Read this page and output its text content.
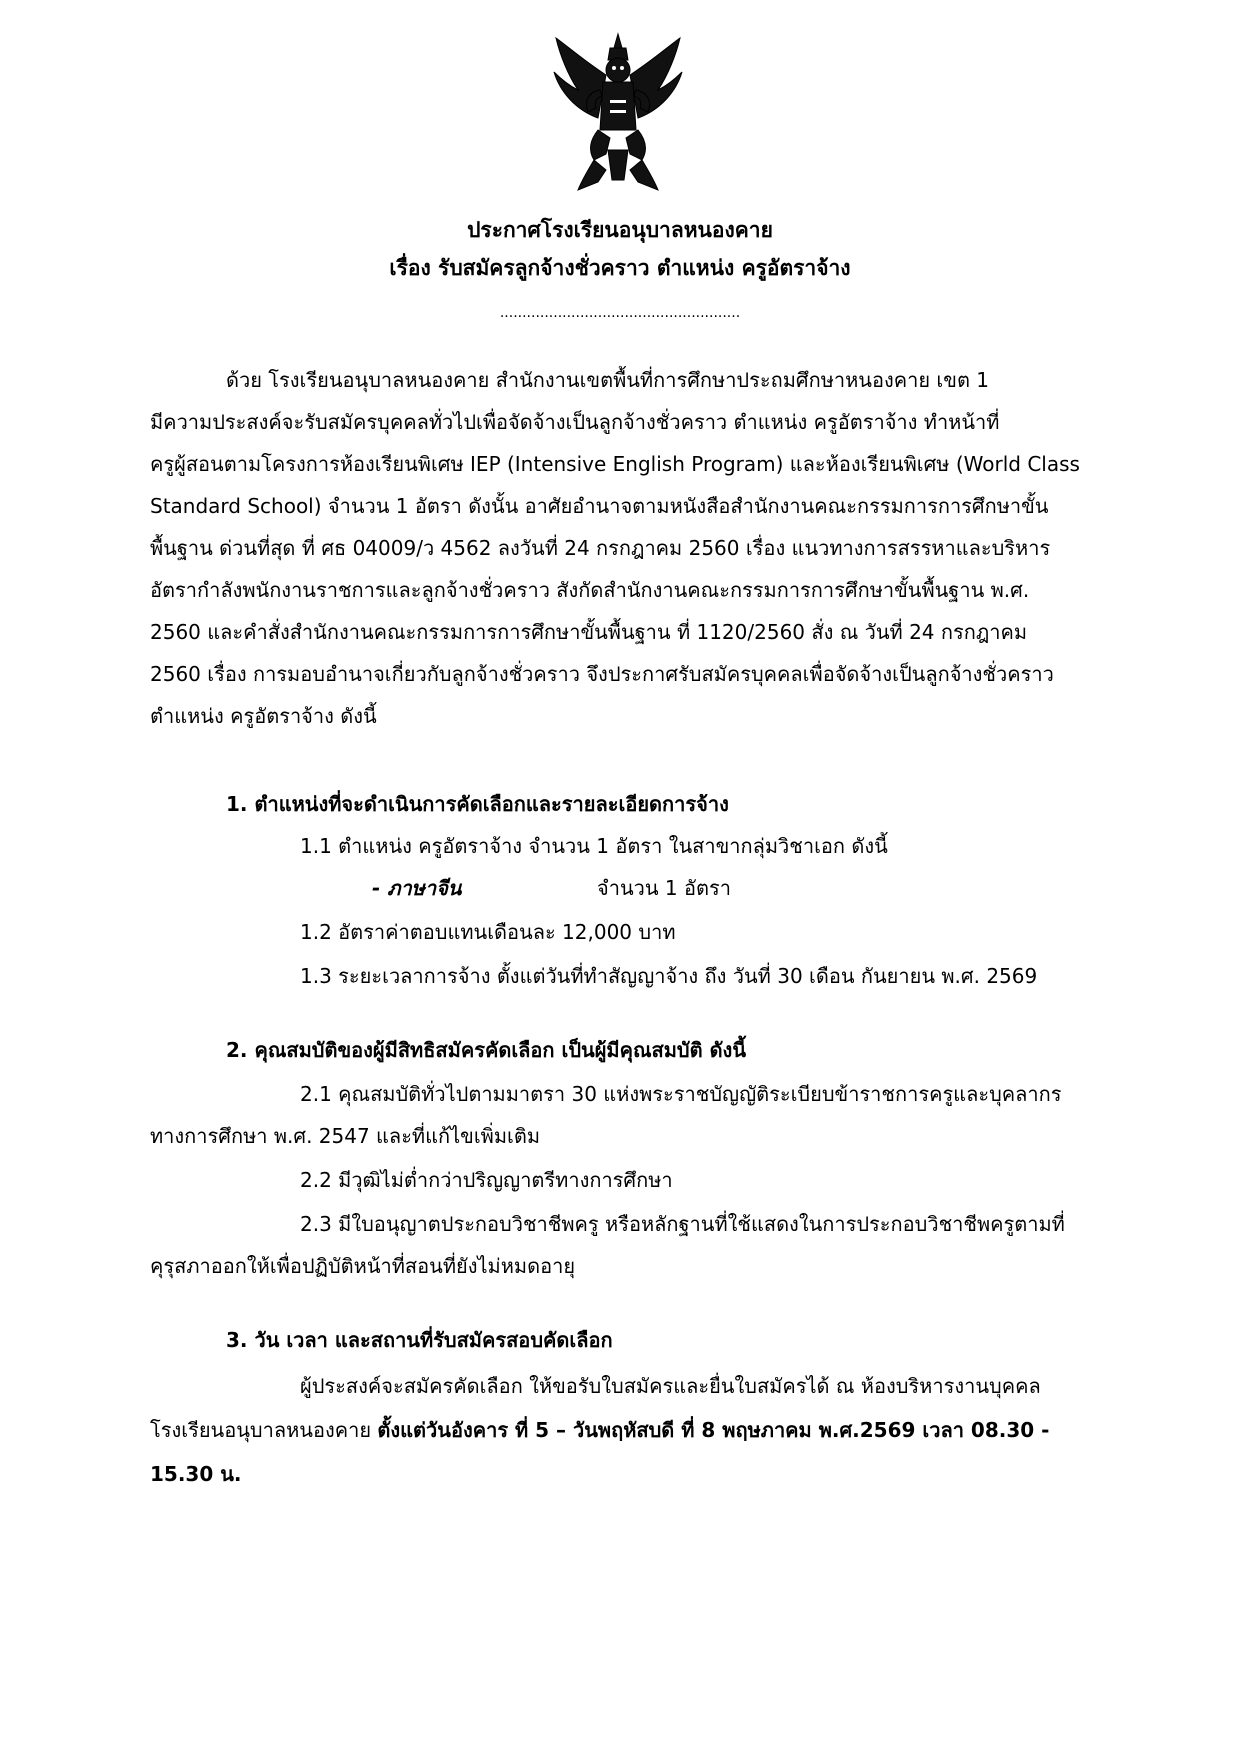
ประกาศโรงเรียนอนุบาลหนองคาย
เรื่อง รับสมัครลูกจ้างชั่วคราว ตำแหน่ง ครูอัตราจ้าง
......................................................
ด้วย โรงเรียนอนุบาลหนองคาย สำนักงานเขตพื้นที่การศึกษาประถมศึกษาหนองคาย เขต 1
มีความประสงค์จะรับสมัครบุคคลทั่วไปเพื่อจัดจ้างเป็นลูกจ้างชั่วคราว ตำแหน่ง ครูอัตราจ้าง ทำหน้าที่
ครูผู้สอนตามโครงการห้องเรียนพิเศษ IEP (Intensive English Program) และห้องเรียนพิเศษ (World Class
Standard School) จำนวน 1 อัตรา ดังนั้น อาศัยอำนาจตามหนังสือสำนักงานคณะกรรมการการศึกษาขั้น
พื้นฐาน ด่วนที่สุด ที่ ศธ 04009/ว 4562 ลงวันที่ 24 กรกฎาคม 2560 เรื่อง แนวทางการสรรหาและบริหาร
อัตรากำลังพนักงานราชการและลูกจ้างชั่วคราว สังกัดสำนักงานคณะกรรมการการศึกษาขั้นพื้นฐาน พ.ศ.
2560 และคำสั่งสำนักงานคณะกรรมการการศึกษาขั้นพื้นฐาน ที่ 1120/2560 สั่ง ณ วันที่ 24 กรกฎาคม
2560 เรื่อง การมอบอำนาจเกี่ยวกับลูกจ้างชั่วคราว จึงประกาศรับสมัครบุคคลเพื่อจัดจ้างเป็นลูกจ้างชั่วคราว
ตำแหน่ง ครูอัตราจ้าง ดังนี้
1. ตำแหน่งที่จะดำเนินการคัดเลือกและรายละเอียดการจ้าง
1.1 ตำแหน่ง ครูอัตราจ้าง จำนวน 1 อัตรา ในสาขากลุ่มวิชาเอก ดังนี้
- ภาษาจีน	จำนวน 1 อัตรา
1.2 อัตราค่าตอบแทนเดือนละ 12,000 บาท
1.3 ระยะเวลาการจ้าง ตั้งแต่วันที่ทำสัญญาจ้าง ถึง วันที่ 30 เดือน กันยายน พ.ศ. 2569
2. คุณสมบัติของผู้มีสิทธิสมัครคัดเลือก เป็นผู้มีคุณสมบัติ ดังนี้
2.1 คุณสมบัติทั่วไปตามมาตรา 30 แห่งพระราชบัญญัติระเบียบข้าราชการครูและบุคลากร
ทางการศึกษา พ.ศ. 2547 และที่แก้ไขเพิ่มเติม
2.2 มีวุฒิไม่ต่ำกว่าปริญญาตรีทางการศึกษา
2.3 มีใบอนุญาตประกอบวิชาชีพครู หรือหลักฐานที่ใช้แสดงในการประกอบวิชาชีพครูตามที่
คุรุสภาออกให้เพื่อปฏิบัติหน้าที่สอนที่ยังไม่หมดอายุ
3. วัน เวลา และสถานที่รับสมัครสอบคัดเลือก
ผู้ประสงค์จะสมัครคัดเลือก ให้ขอรับใบสมัครและยื่นใบสมัครได้ ณ ห้องบริหารงานบุคคล
โรงเรียนอนุบาลหนองคาย ตั้งแต่วันอังคาร ที่ 5 – วันพฤหัสบดี ที่ 8 พฤษภาคม พ.ศ.2569 เวลา 08.30 -
15.30 น.
